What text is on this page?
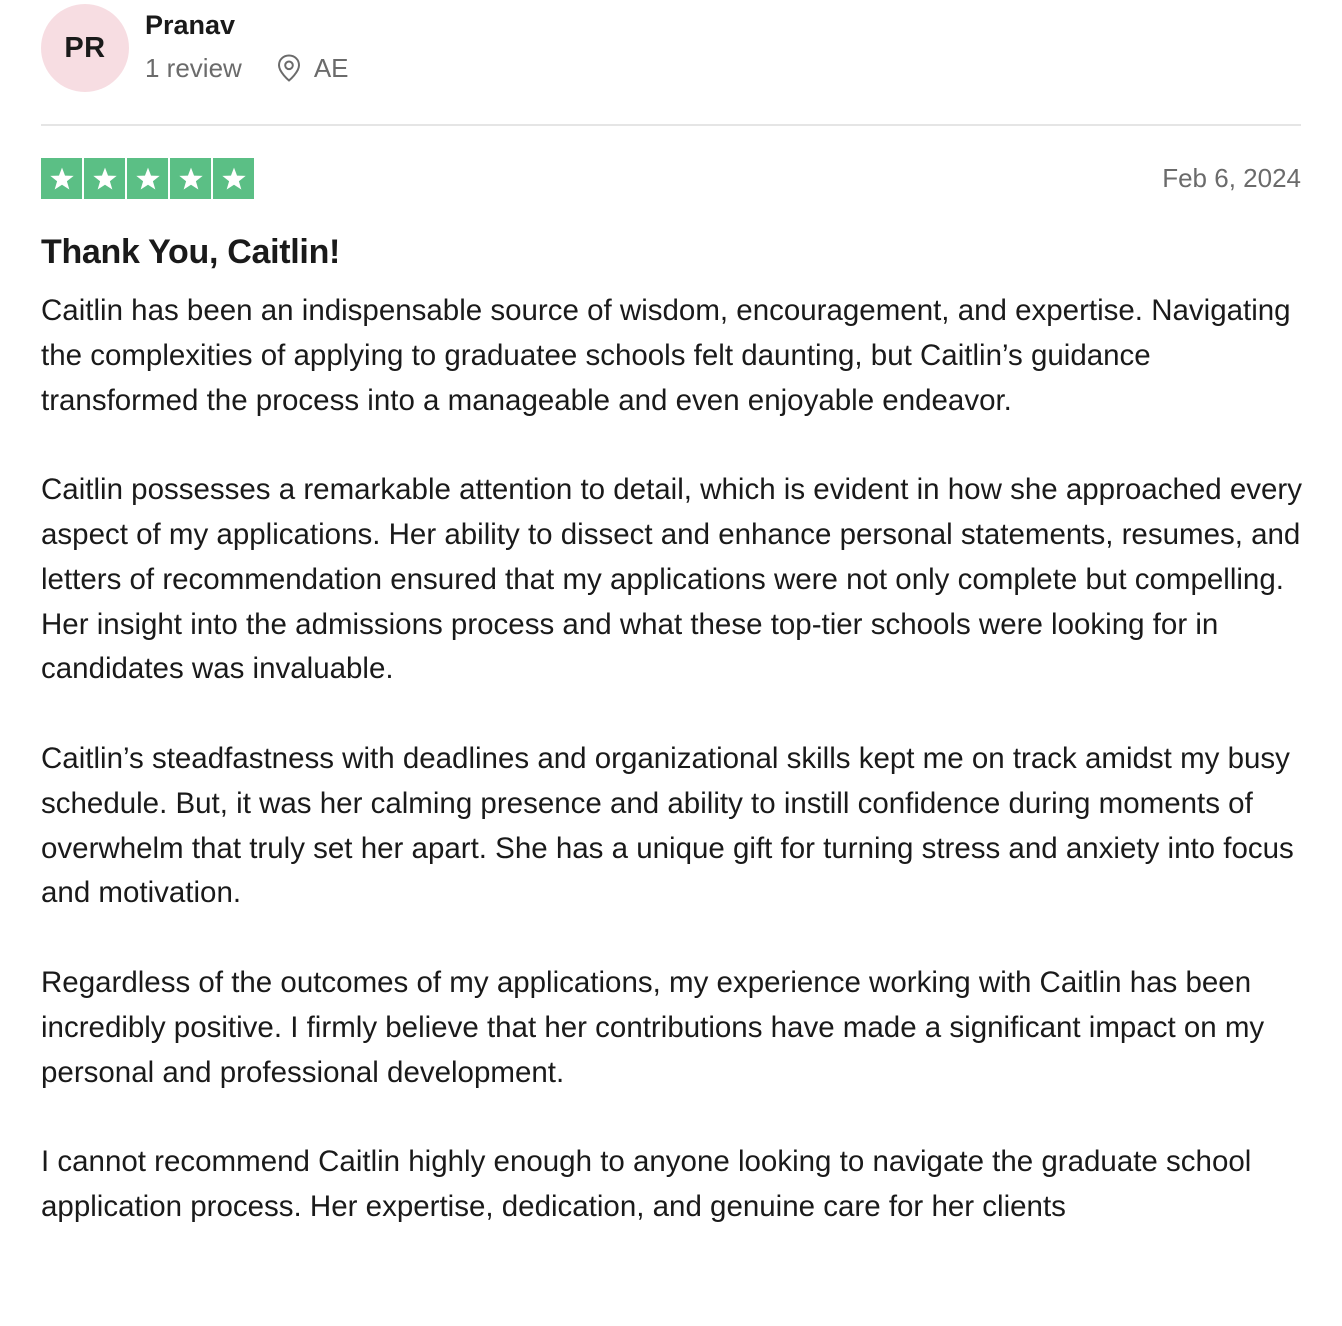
PR
Pranav
1 review	AE
Feb 6, 2024
Thank You, Caitlin!

Caitlin has been an indispensable source of wisdom, encouragement, and expertise. Navigating the complexities of applying to graduatee schools felt daunting, but Caitlin’s guidance transformed the process into a manageable and even enjoyable endeavor.

Caitlin possesses a remarkable attention to detail, which is evident in how she approached every aspect of my applications. Her ability to dissect and enhance personal statements, resumes, and letters of recommendation ensured that my applications were not only complete but compelling. Her insight into the admissions process and what these top-tier schools were looking for in candidates was invaluable.

Caitlin’s steadfastness with deadlines and organizational skills kept me on track amidst my busy schedule. But, it was her calming presence and ability to instill confidence during moments of overwhelm that truly set her apart. She has a unique gift for turning stress and anxiety into focus and motivation.

Regardless of the outcomes of my applications, my experience working with Caitlin has been incredibly positive. I firmly believe that her contributions have made a significant impact on my personal and professional development.

I cannot recommend Caitlin highly enough to anyone looking to navigate the graduate school application process. Her expertise, dedication, and genuine care for her clients
